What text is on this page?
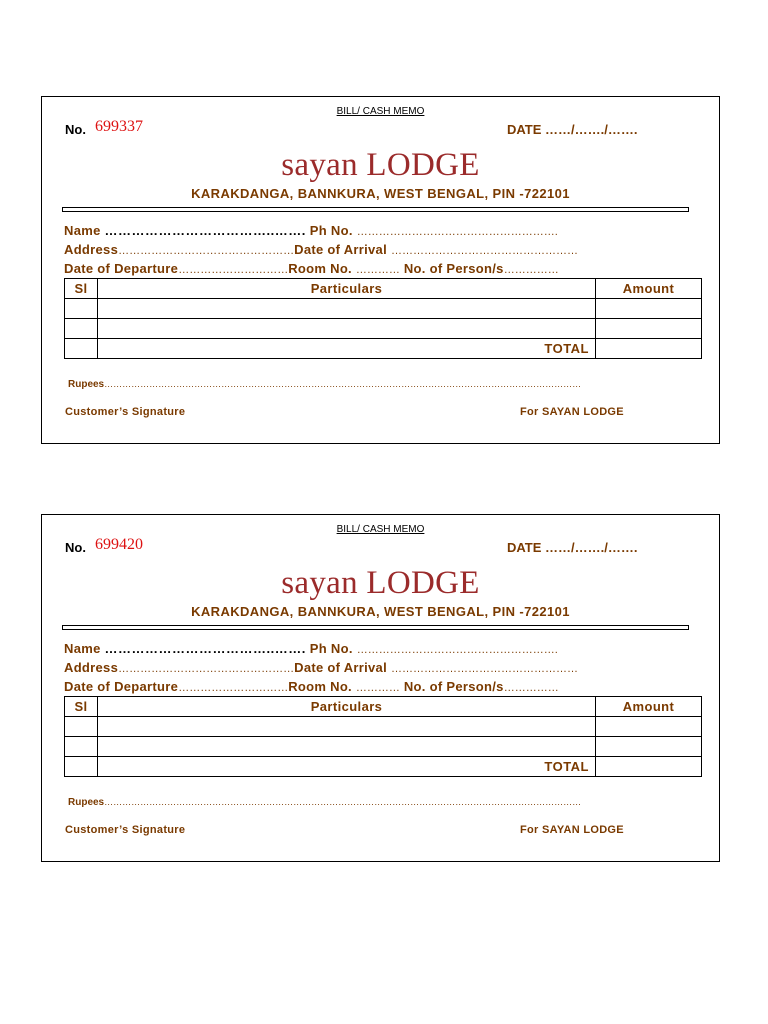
BILL/ CASH MEMO
No. 699337	DATE ……/……./…….
sayan LODGE
KARAKDANGA, BANNKURA, WEST BENGAL, PIN -722101
Name ………………………………..……. Ph No. ……………………………………………….
Address…………………………………………Date of Arrival ……………………………………………
Date of Departure…………………………Room No. ………… No. of Person/s……………
Sl	Particulars	Amount

	TOTAL	
Rupees……………………………………………………………………………………………………………………………………………
Customer’s Signature	For SAYAN LODGE
BILL/ CASH MEMO
No. 699420	DATE ……/……./…….
sayan LODGE
KARAKDANGA, BANNKURA, WEST BENGAL, PIN -722101
Name ………………………………..……. Ph No. ……………………………………………….
Address…………………………………………Date of Arrival ……………………………………………
Date of Departure…………………………Room No. ………… No. of Person/s……………
Sl	Particulars	Amount

	TOTAL	
Rupees……………………………………………………………………………………………………………………………………………
Customer’s Signature	For SAYAN LODGE
